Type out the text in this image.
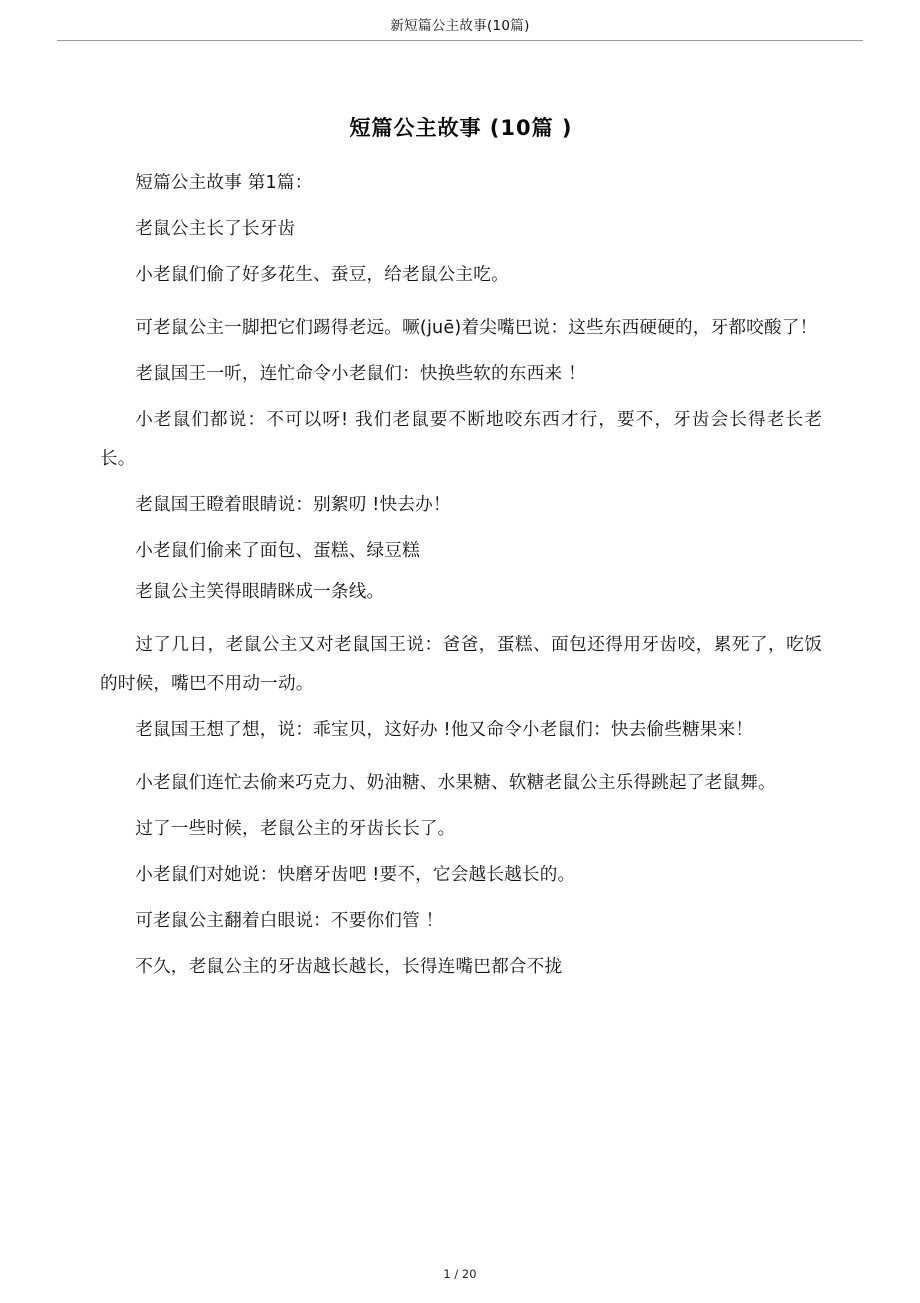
新短篇公主故事(10篇)
短篇公主故事 (10篇 )

短篇公主故事 第1篇：

老鼠公主长了长牙齿

小老鼠们偷了好多花生、蚕豆，给老鼠公主吃。

可老鼠公主一脚把它们踢得老远。噘(juē)着尖嘴巴说：这些东西硬硬的，牙都咬酸了！

老鼠国王一听，连忙命令小老鼠们：快换些软的东西来 ！

小老鼠们都说：不可以呀! 我们老鼠要不断地咬东西才行，要不，牙齿会长得老长老长。

老鼠国王瞪着眼睛说：别絮叨 !快去办！

小老鼠们偷来了面包、蛋糕、绿豆糕

老鼠公主笑得眼睛眯成一条线。

过了几日，老鼠公主又对老鼠国王说：爸爸，蛋糕、面包还得用牙齿咬，累死了，吃饭的时候，嘴巴不用动一动。

老鼠国王想了想，说：乖宝贝，这好办 !他又命令小老鼠们：快去偷些糖果来！

小老鼠们连忙去偷来巧克力、奶油糖、水果糖、软糖老鼠公主乐得跳起了老鼠舞。

过了一些时候，老鼠公主的牙齿长长了。

小老鼠们对她说：快磨牙齿吧 !要不，它会越长越长的。

可老鼠公主翻着白眼说：不要你们管 ！

不久，老鼠公主的牙齿越长越长，长得连嘴巴都合不拢

1 / 20
